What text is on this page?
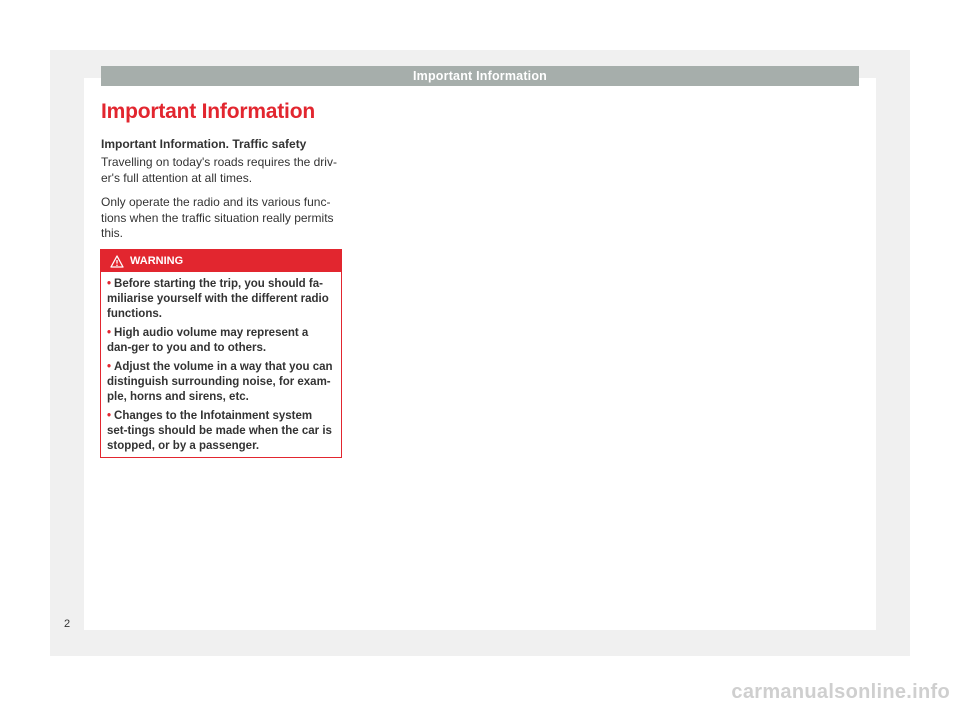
Important Information
Important Information
Important Information. Traffic safety

Travelling on today's roads requires the driv-er's full attention at all times.

Only operate the radio and its various func-tions when the traffic situation really permits this.

WARNING
• Before starting the trip, you should fa-miliarise yourself with the different radio functions.
• High audio volume may represent a dan-ger to you and to others.
• Adjust the volume in a way that you can distinguish surrounding noise, for exam-ple, horns and sirens, etc.
• Changes to the Infotainment system set-tings should be made when the car is stopped, or by a passenger.
2
carmanualsonline.info
